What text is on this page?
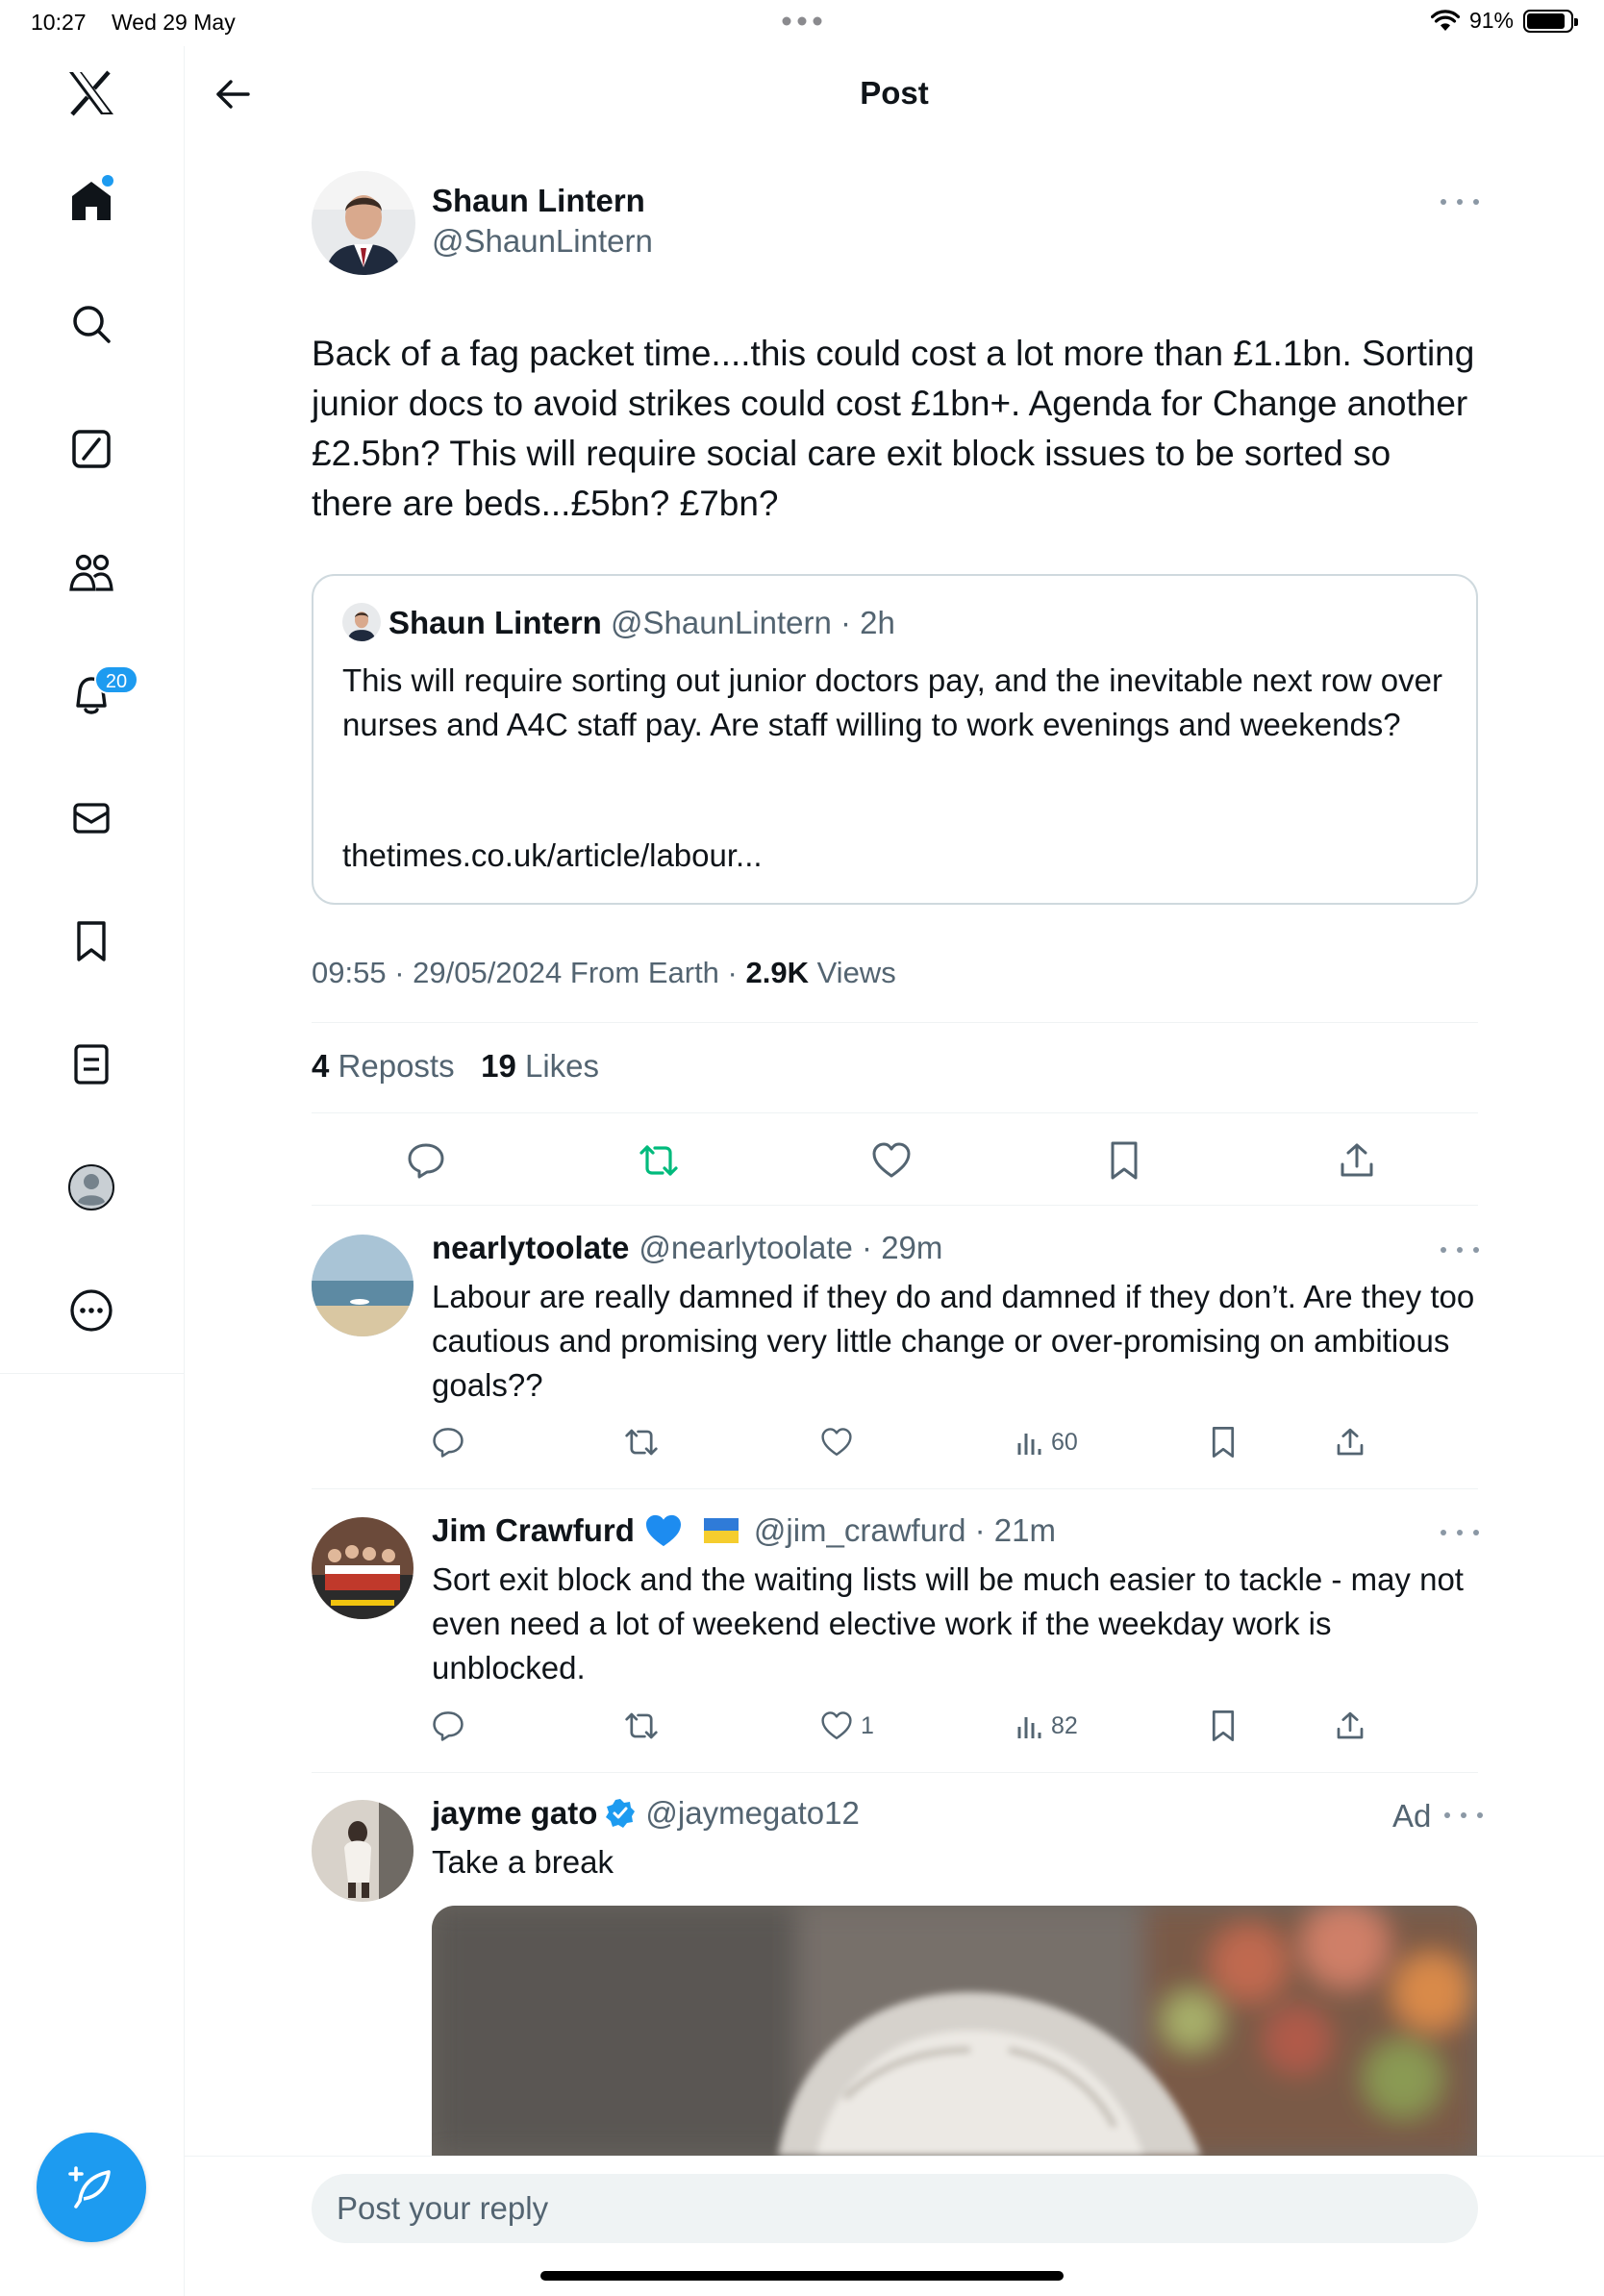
10:27 Wed 29 May	91%
20
Post
Shaun Lintern
@ShaunLintern
Back of a fag packet time....this could cost a lot more than £1.1bn. Sorting junior docs to avoid strikes could cost £1bn+. Agenda for Change another £2.5bn? This will require social care exit block issues to be sorted so there are beds...£5bn? £7bn?
Shaun Lintern @ShaunLintern · 2h
This will require sorting out junior doctors pay, and the inevitable next row over nurses and A4C staff pay. Are staff willing to work evenings and weekends?
thetimes.co.uk/article/labour...
09:55 · 29/05/2024 From Earth · 2.9K Views
4 Reposts 19 Likes
nearlytoolate @nearlytoolate · 29m
Labour are really damned if they do and damned if they don’t. Are they too cautious and promising very little change or over-promising on ambitious goals??
60
Jim Crawfurd	@jim_crawfurd · 21m
Sort exit block and the waiting lists will be much easier to tackle - may not even need a lot of weekend elective work if the weekday work is unblocked.
1	82
jayme gato @jaymegato12	Ad
Take a break
Post your reply
